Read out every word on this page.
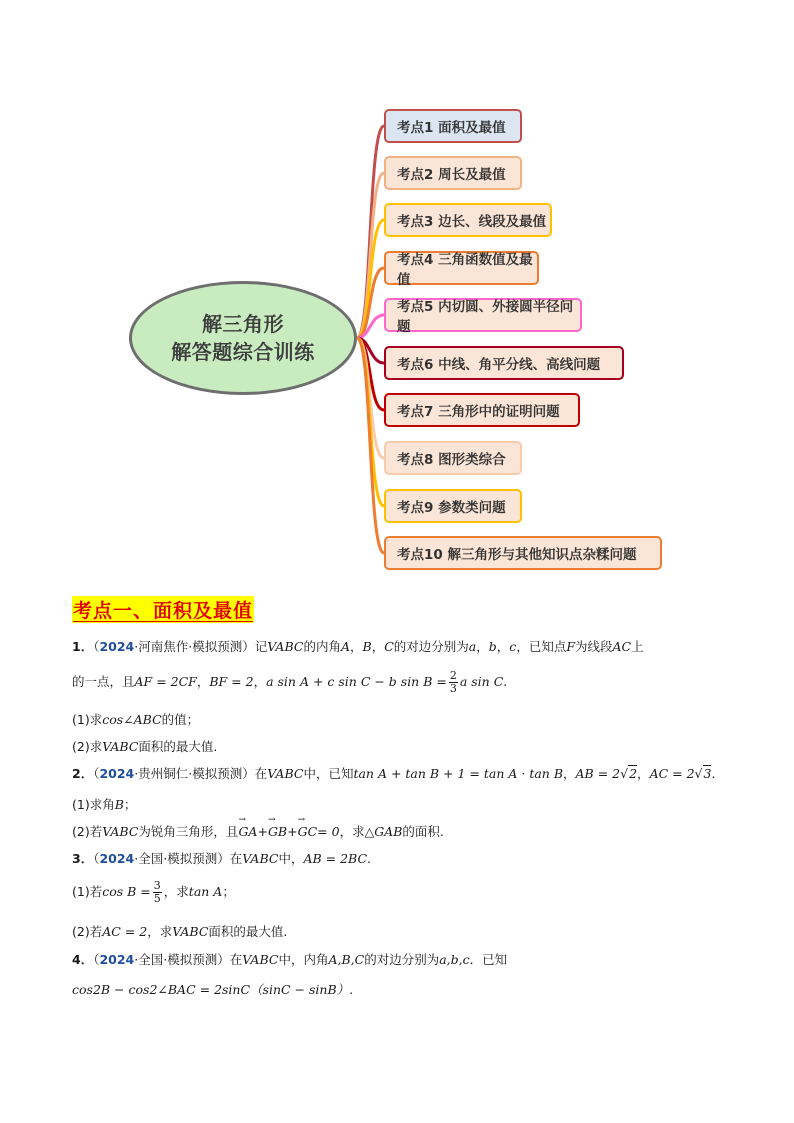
解三角形
解答题综合训练
考点1 面积及最值
考点2 周长及最值
考点3 边长、线段及最值
考点4 三角函数值及最值
考点5 内切圆、外接圆半径问题
考点6 中线、角平分线、高线问题
考点7 三角形中的证明问题
考点8 图形类综合
考点9 参数类问题
考点10 解三角形与其他知识点杂糅问题
考点一、面积及最值
1．（2024·河南焦作·模拟预测）记VABC的内角A，B，C的对边分别为a，b，c，已知点F为线段AC上
的一点，且AF = 2CF，BF = 2，a sin A + c sin C − b $\sin B = \frac{2}{3}$ a sin C.
(1)求cos∠ABC的值；
(2)求VABC面积的最大值.
2．（2024·贵州铜仁·模拟预测）在VABC中，已知tan A + tan B + 1 = tan A · tan B，AB = 2√2，AC = 2√3.
(1)求角B；
(2)若VABC为锐角三角形，且→ GA+→ GB+→ GC= 0，求△GAB的面积.
3．（2024·全国·模拟预测）在VABC中，AB = 2BC.
(1)若$\cos B = \frac{3}{5}$ ，求tan A；
(2)若AC = 2，求VABC面积的最大值.
4．（2024·全国·模拟预测）在VABC中，内角A,B,C的对边分别为a,b,c．已知
cos2B − cos2∠BAC = 2sinC（sinC − sinB）.
